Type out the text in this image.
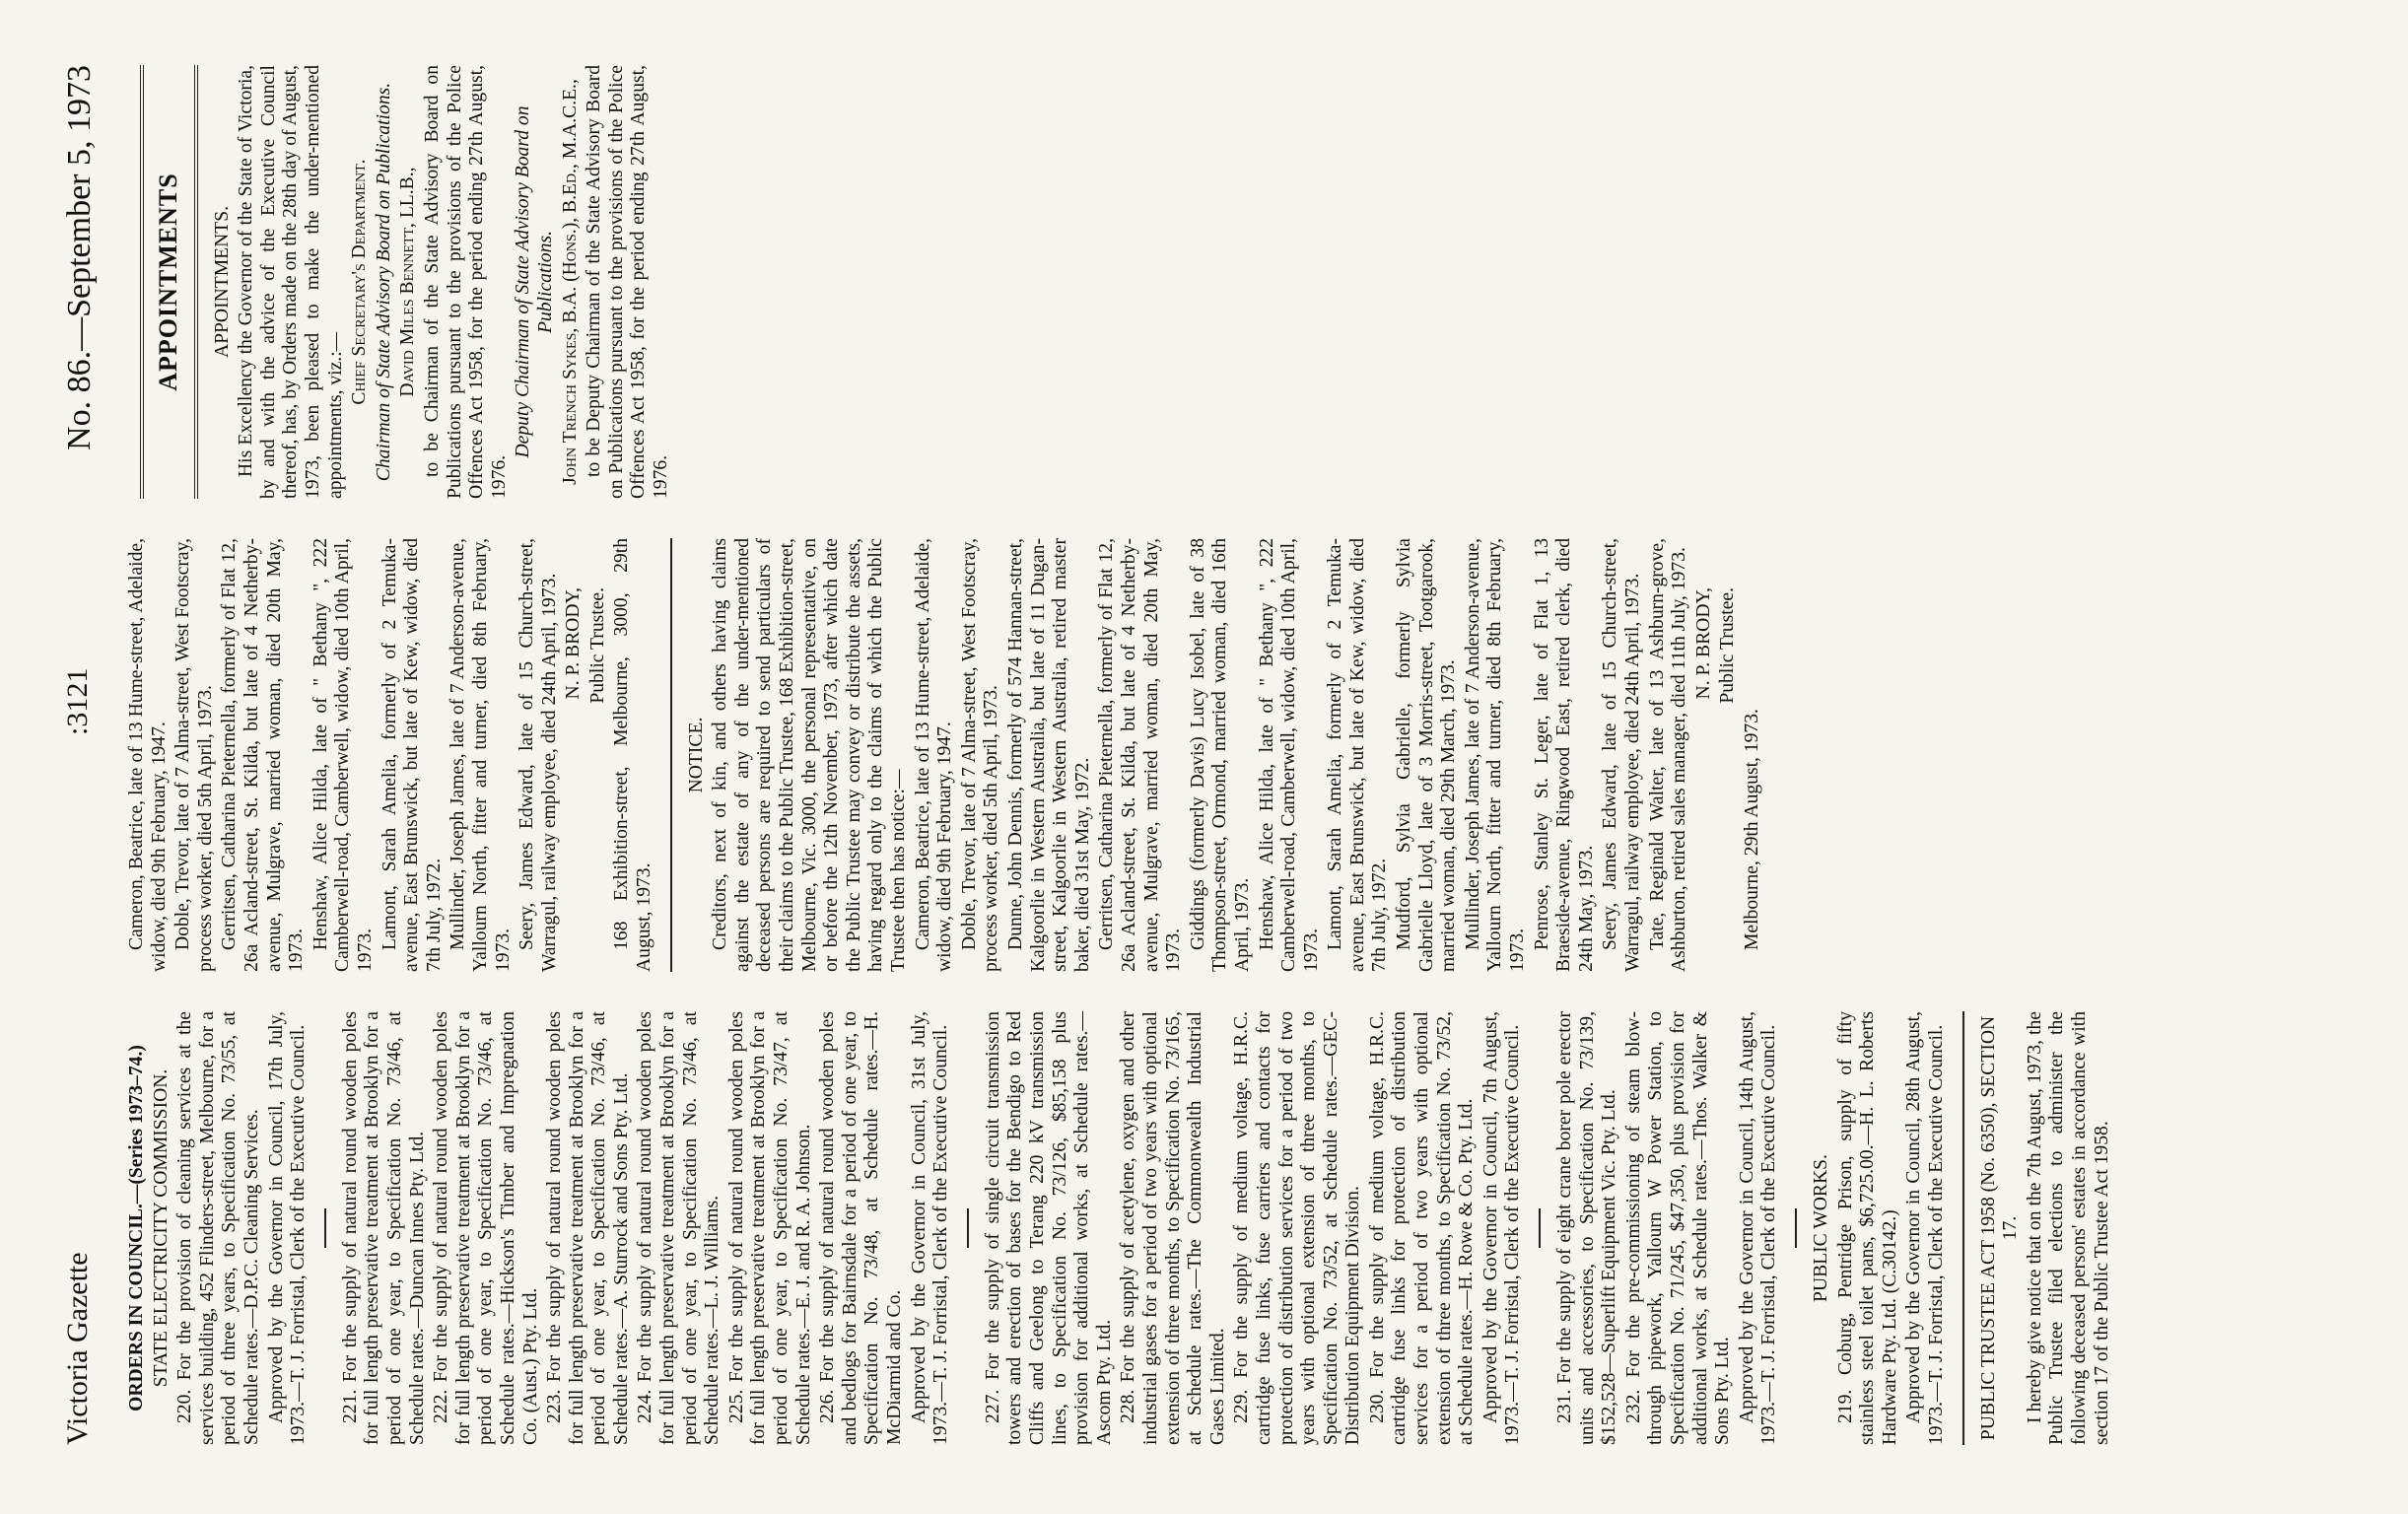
Victoria Gazette
:3121
No. 86.—September 5, 1973

ORDERS IN COUNCIL.—(Series 1973–74.) STATE ELECTRICITY COMMISSION. 220. For the provision of cleaning services at the services building, 452 Flinders-street, Melbourne, for a period of three years, to Specification No. 73/55, at Schedule rates.—D.P.C. Cleaning Services. Approved by the Governor in Council, 17th July, 1973.—T. J. Forristal, Clerk of the Executive Council. 221. For the supply of natural round wooden poles for full length preservative treatment at Brooklyn for a period of one year, to Specification No. 73/46, at Schedule rates.—Duncan Innes Pty. Ltd. 222. For the supply of natural round wooden poles for full length preservative treatment at Brooklyn for a period of one year, to Specification No. 73/46, at Schedule rates.—Hickson's Timber and Impregnation Co. (Aust.) Pty. Ltd. 223. For the supply of natural round wooden poles for full length preservative treatment at Brooklyn for a period of one year, to Specification No. 73/46, at Schedule rates.—A. Sturrock and Sons Pty. Ltd. 224. For the supply of natural round wooden poles for full length preservative treatment at Brooklyn for a period of one year, to Specification No. 73/46, at Schedule rates.—L. J. Williams. 225. For the supply of natural round wooden poles for full length preservative treatment at Brooklyn for a period of one year, to Specification No. 73/47, at Schedule rates.—E. J. and R. A. Johnson. 226. For the supply of natural round wooden poles and bedlogs for Bairnsdale for a period of one year, to Specification No. 73/48, at Schedule rates.—H. McDiarmid and Co. Approved by the Governor in Council, 31st July, 1973.—T. J. Forristal, Clerk of the Executive Council. 227. For the supply of single circuit transmission towers and erection of bases for the Bendigo to Red Cliffs and Geelong to Terang 220 kV transmission lines, to Specification No. 73/126, $85,158 plus provision for additional works, at Schedule rates.—Ascom Pty. Ltd. 228. For the supply of acetylene, oxygen and other industrial gases for a period of two years with optional extension of three months, to Specification No. 73/165, at Schedule rates.—The Commonwealth Industrial Gases Limited. 229. For the supply of medium voltage, H.R.C. cartridge fuse links, fuse carriers and contacts for protection of distribution services for a period of two years with optional extension of three months, to Specification No. 73/52, at Schedule rates.—GEC-Distribution Equipment Division. 230. For the supply of medium voltage, H.R.C. cartridge fuse links for protection of distribution services for a period of two years with optional extension of three months, to Specification No. 73/52, at Schedule rates.—H. Rowe & Co. Pty. Ltd. Approved by the Governor in Council, 7th August, 1973.—T. J. Forristal, Clerk of the Executive Council. 231. For the supply of eight crane borer pole erector units and accessories, to Specification No. 73/139, $152,528—Superlift Equipment Vic. Pty. Ltd. 232. For the pre-commissioning of steam blow-through pipework, Yallourn W Power Station, to Specification No. 71/245, $47,350, plus provision for additional works, at Schedule rates.—Thos. Walker & Sons Pty. Ltd. Approved by the Governor in Council, 14th August, 1973.—T. J. Forristal, Clerk of the Executive Council. PUBLIC WORKS. 219. Coburg, Pentridge Prison, supply of fifty stainless steel toilet pans, $6,725.00.—H. L. Roberts Hardware Pty. Ltd. (C.30142.) Approved by the Governor in Council, 28th August, 1973.—T. J. Forristal, Clerk of the Executive Council. PUBLIC TRUSTEE ACT 1958 (No. 6350), SECTION 17. I hereby give notice that on the 7th August, 1973, the Public Trustee filed elections to administer the following deceased persons' estates in accordance with section 17 of the Public Trustee Act 1958.

Cameron, Beatrice, late of 13 Hume-street, Adelaide, widow, died 9th February, 1947. Doble, Trevor, late of 7 Alma-street, West Footscray, process worker, died 5th April, 1973. Gerritsen, Catharina Pieternella, formerly of Flat 12, 26a Acland-street, St. Kilda, but late of 4 Netherby-avenue, Mulgrave, married woman, died 20th May, 1973. Henshaw, Alice Hilda, late of " Bethany ", 222 Camberwell-road, Camberwell, widow, died 10th April, 1973. Lamont, Sarah Amelia, formerly of 2 Temuka-avenue, East Brunswick, but late of Kew, widow, died 7th July, 1972. Mullinder, Joseph James, late of 7 Anderson-avenue, Yallourn North, fitter and turner, died 8th February, 1973. Seery, James Edward, late of 15 Church-street, Warragul, railway employee, died 24th April, 1973. N. P. BRODY, Public Trustee. 168 Exhibition-street, Melbourne, 3000, 29th August, 1973.

NOTICE. Creditors, next of kin, and others having claims against the estate of any of the under-mentioned deceased persons are required to send particulars of their claims to the Public Trustee, 168 Exhibition-street, Melbourne, Vic. 3000, the personal representative, on or before the 12th November, 1973, after which date the Public Trustee may convey or distribute the assets, having regard only to the claims of which the Public Trustee then has notice:— Cameron, Beatrice, late of 13 Hume-street, Adelaide, widow, died 9th February, 1947. Doble, Trevor, late of 7 Alma-street, West Footscray, process worker, died 5th April, 1973. Dunne, John Dennis, formerly of 574 Hannan-street, Kalgoorlie in Western Australia, but late of 11 Dugan-street, Kalgoorlie in Western Australia, retired master baker, died 31st May, 1972. Gerritsen, Catharina Pieternella, formerly of Flat 12, 26a Acland-street, St. Kilda, but late of 4 Netherby-avenue, Mulgrave, married woman, died 20th May, 1973. Giddings (formerly Davis) Lucy Isobel, late of 38 Thompson-street, Ormond, married woman, died 16th April, 1973. Henshaw, Alice Hilda, late of " Bethany ", 222 Camberwell-road, Camberwell, widow, died 10th April, 1973. Lamont, Sarah Amelia, formerly of 2 Temuka-avenue, East Brunswick, but late of Kew, widow, died 7th July, 1972. Mudford, Sylvia Gabrielle, formerly Sylvia Gabrielle Lloyd, late of 3 Morris-street, Tootgarook, married woman, died 29th March, 1973. Mullinder, Joseph James, late of 7 Anderson-avenue, Yallourn North, fitter and turner, died 8th February, 1973. Penrose, Stanley St. Leger, late of Flat 1, 13 Braeside-avenue, Ringwood East, retired clerk, died 24th May, 1973. Seery, James Edward, late of 15 Church-street, Warragul, railway employee, died 24th April, 1973. Tate, Reginald Walter, late of 13 Ashburn-grove, Ashburton, retired sales manager, died 11th July, 1973. N. P. BRODY, Public Trustee.

Melbourne, 29th August, 1973.

APPOINTMENTS APPOINTMENTS. His Excellency the Governor of the State of Victoria, by and with the advice of the Executive Council thereof, has, by Orders made on the 28th day of August, 1973, been pleased to make the under-mentioned appointments, viz.:—

Chief Secretary's Department. Chairman of State Advisory Board on Publications. David Miles Bennett, LL.B., to be Chairman of the State Advisory Board on Publications pursuant to the provisions of the Police Offences Act 1958, for the period ending 27th August, 1976.

Deputy Chairman of State Advisory Board on Publications. John Trench Sykes, B.A. (Hons.), B.Ed., M.A.C.E., to be Deputy Chairman of the State Advisory Board on Publications pursuant to the provisions of the Police Offences Act 1958, for the period ending 27th August, 1976.
